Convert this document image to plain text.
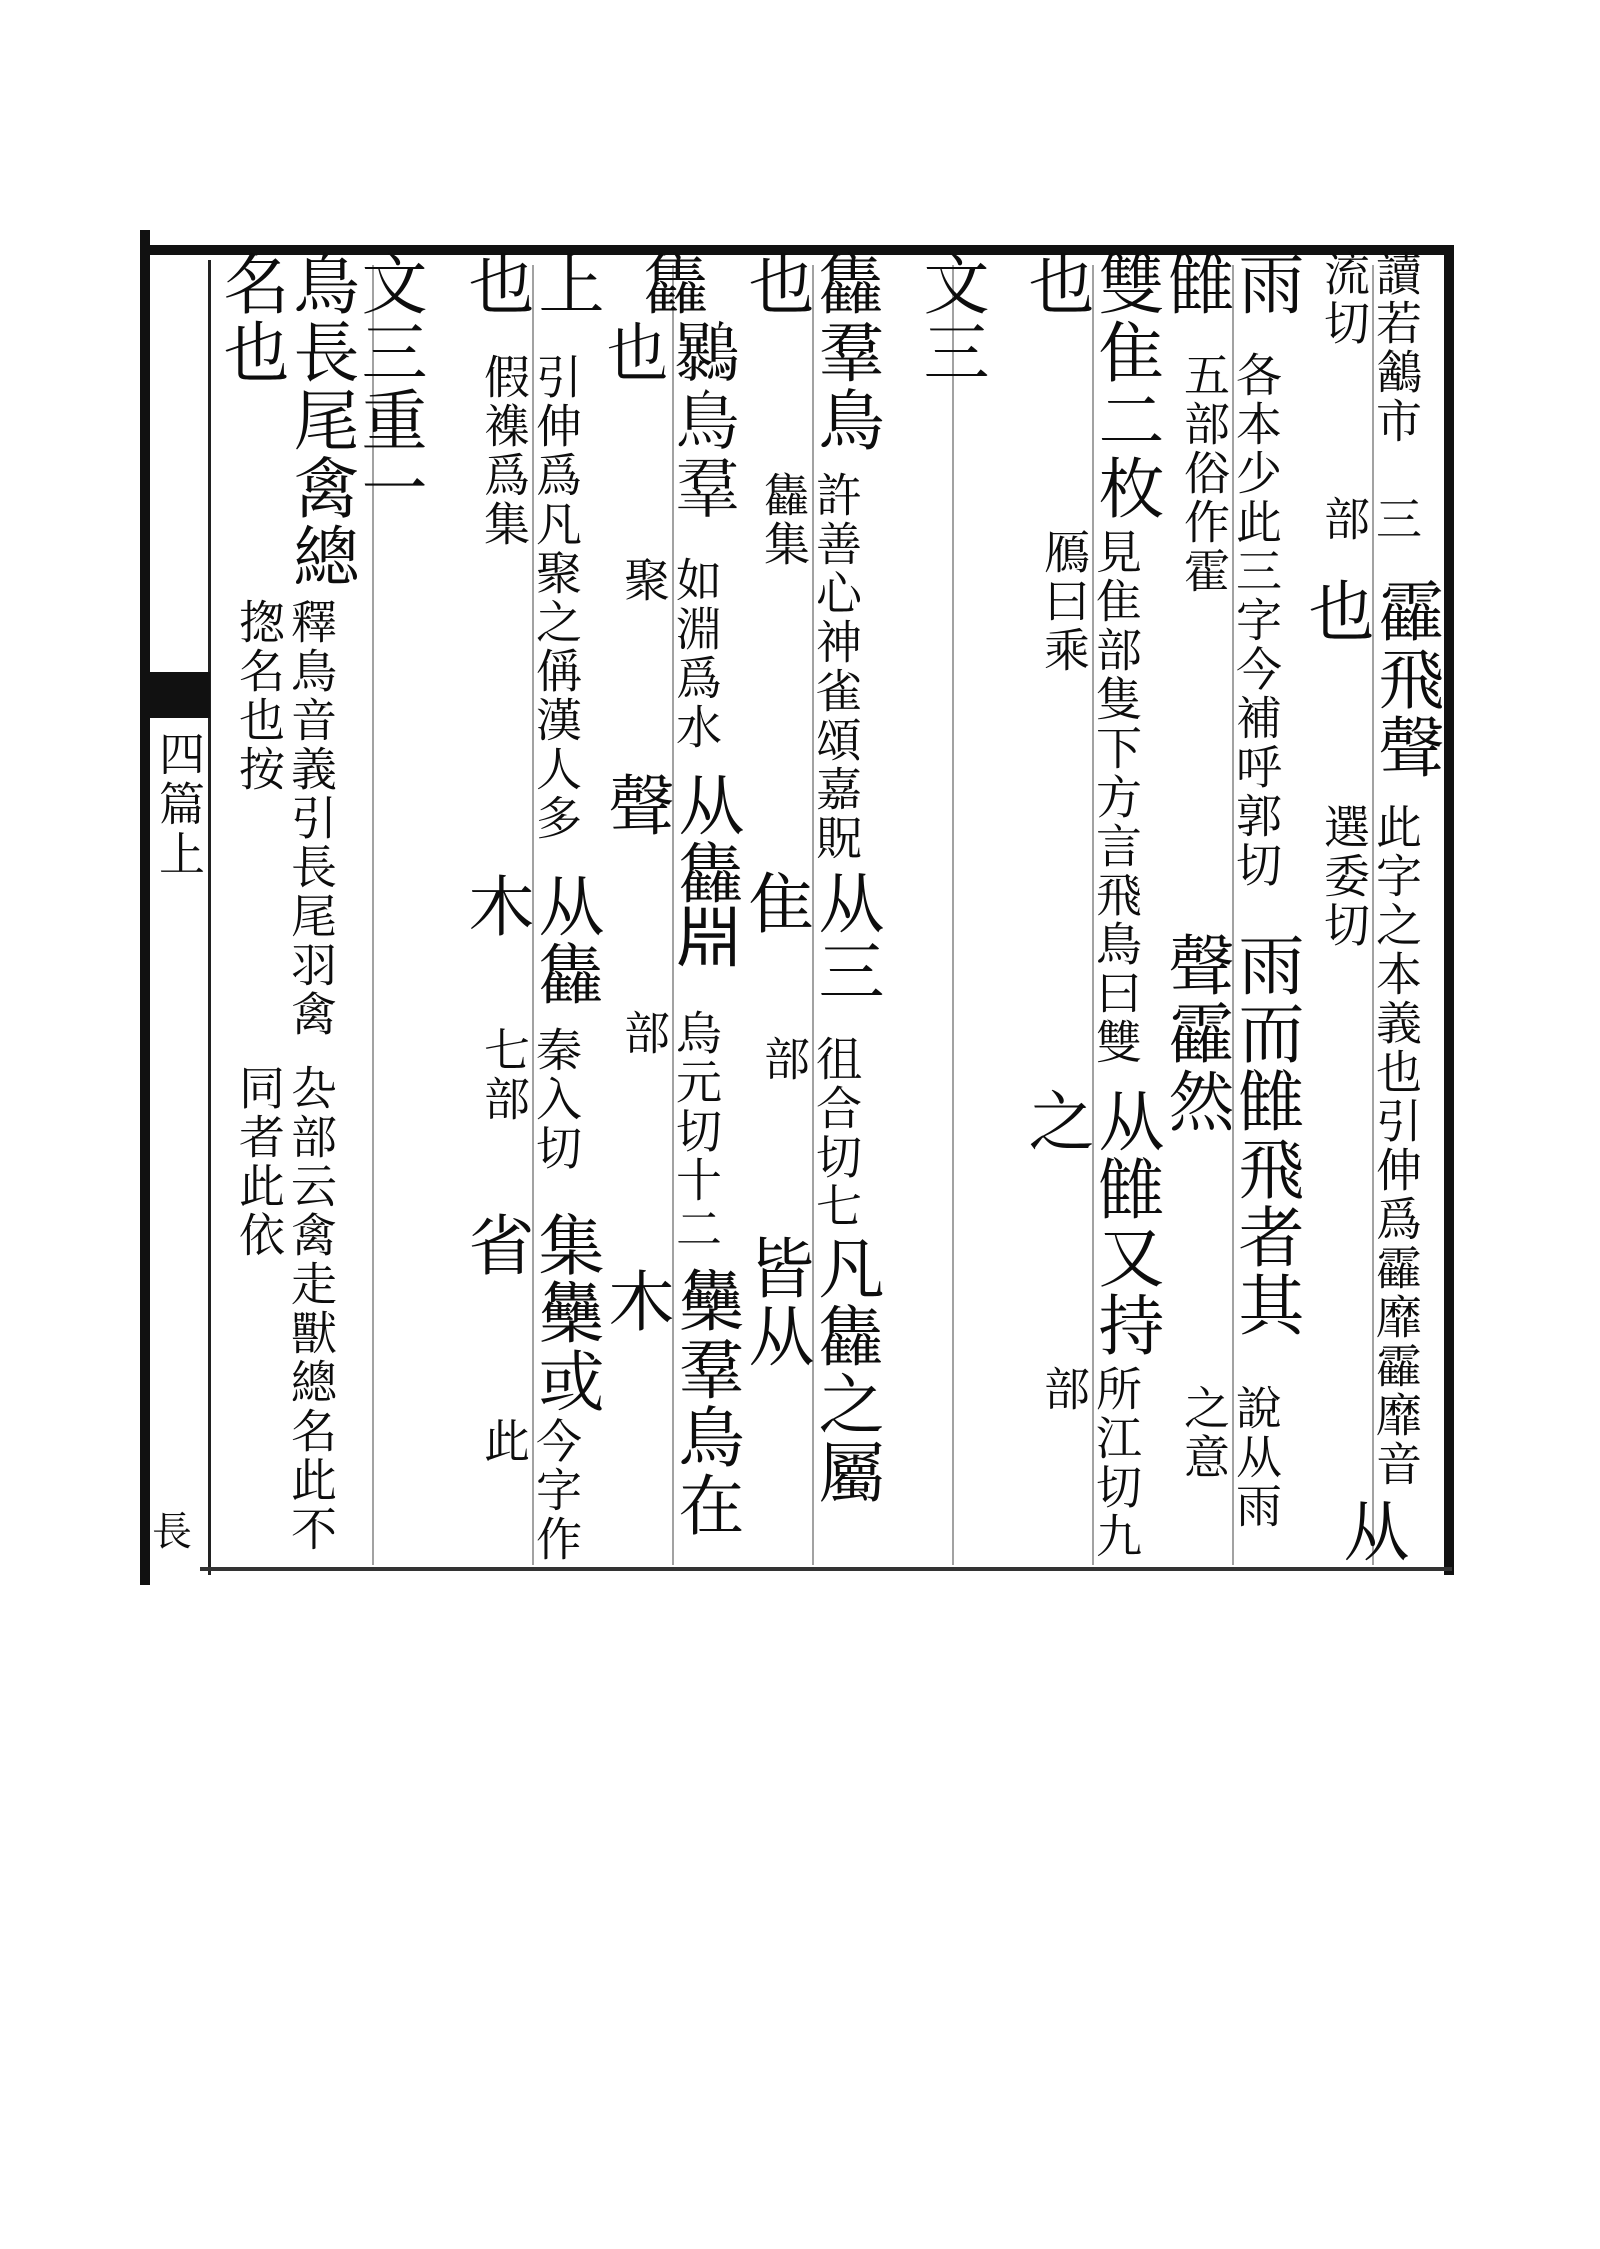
四篇上
長
讀若䳺市流切
三部
靃飛聲也
此字之本義也引伸爲靃靡靃靡音選委切
从
雨雔
各本少此三字今補呼郭切五部俗作霍
雨而雔飛者其聲靃然
說从雨之意
雙隹二枚也
見隹部隻下方言飛鳥曰雙鴈曰乘
从雔又持之
所江切九部
文三
雥羣鳥也
許善心神雀頌嘉貺雥集
从三隹
徂合切七部
凡雥之屬皆从
雥
𪇰鳥羣也
如淵爲水聚
从雥𣶒聲
烏元切十二部
雧羣鳥在木
上也
引伸爲凡聚之偁漢人多假襍爲集
从雥木
秦入切七部
集雧或省
今字作此
文三重一
鳥長尾禽總名也
釋鳥音義引長尾羽禽揔名也按
厹部云禽走獸總名此不同者此依
